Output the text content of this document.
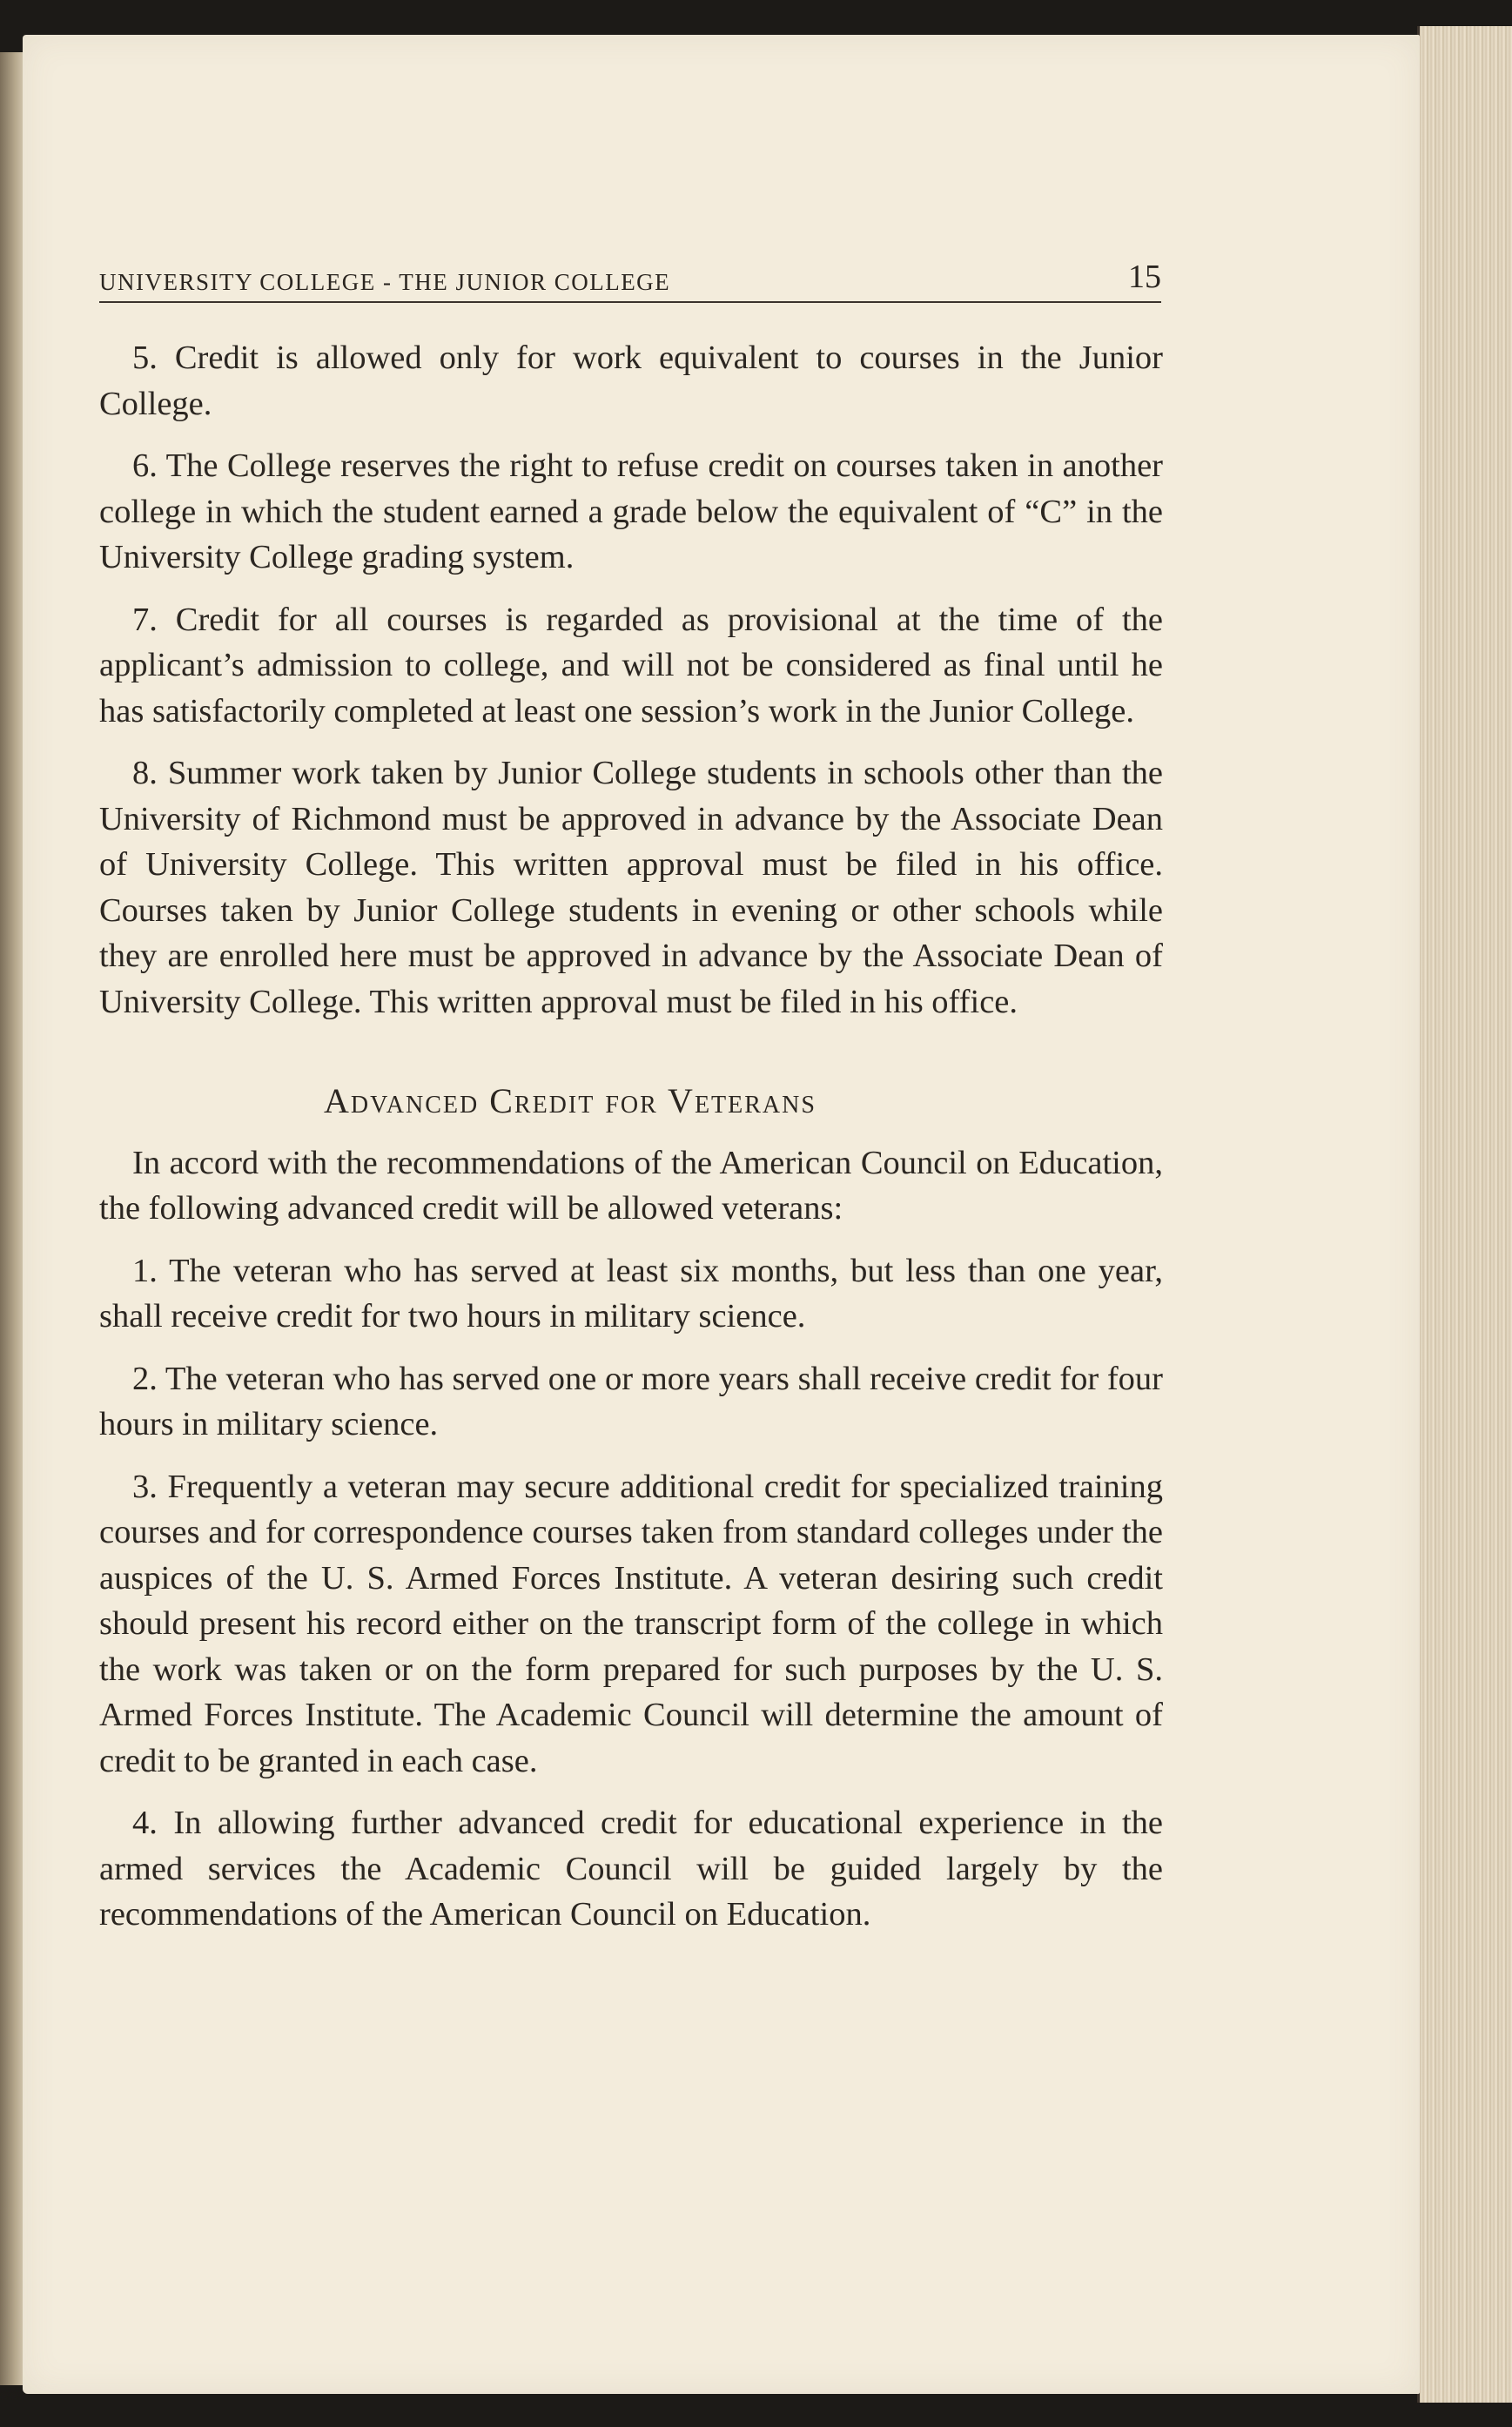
UNIVERSITY COLLEGE - THE JUNIOR COLLEGE	15

5. Credit is allowed only for work equivalent to courses in the Junior College.

6. The College reserves the right to refuse credit on courses taken in another college in which the student earned a grade below the equivalent of “C” in the University College grading system.

7. Credit for all courses is regarded as provisional at the time of the applicant’s admission to college, and will not be considered as final until he has satisfactorily completed at least one session’s work in the Junior College.

8. Summer work taken by Junior College students in schools other than the University of Richmond must be approved in advance by the Associate Dean of University College. This written approval must be filed in his office. Courses taken by Junior College students in evening or other schools while they are enrolled here must be approved in advance by the Associate Dean of University College. This written approval must be filed in his office.

Advanced Credit for Veterans

In accord with the recommendations of the American Council on Education, the following advanced credit will be allowed veterans:

1. The veteran who has served at least six months, but less than one year, shall receive credit for two hours in military science.

2. The veteran who has served one or more years shall receive credit for four hours in military science.

3. Frequently a veteran may secure additional credit for specialized training courses and for correspondence courses taken from standard colleges under the auspices of the U. S. Armed Forces Institute. A veteran desiring such credit should present his record either on the transcript form of the college in which the work was taken or on the form prepared for such purposes by the U. S. Armed Forces Institute. The Academic Council will determine the amount of credit to be granted in each case.

4. In allowing further advanced credit for educational experience in the armed services the Academic Council will be guided largely by the recommendations of the American Council on Education.
